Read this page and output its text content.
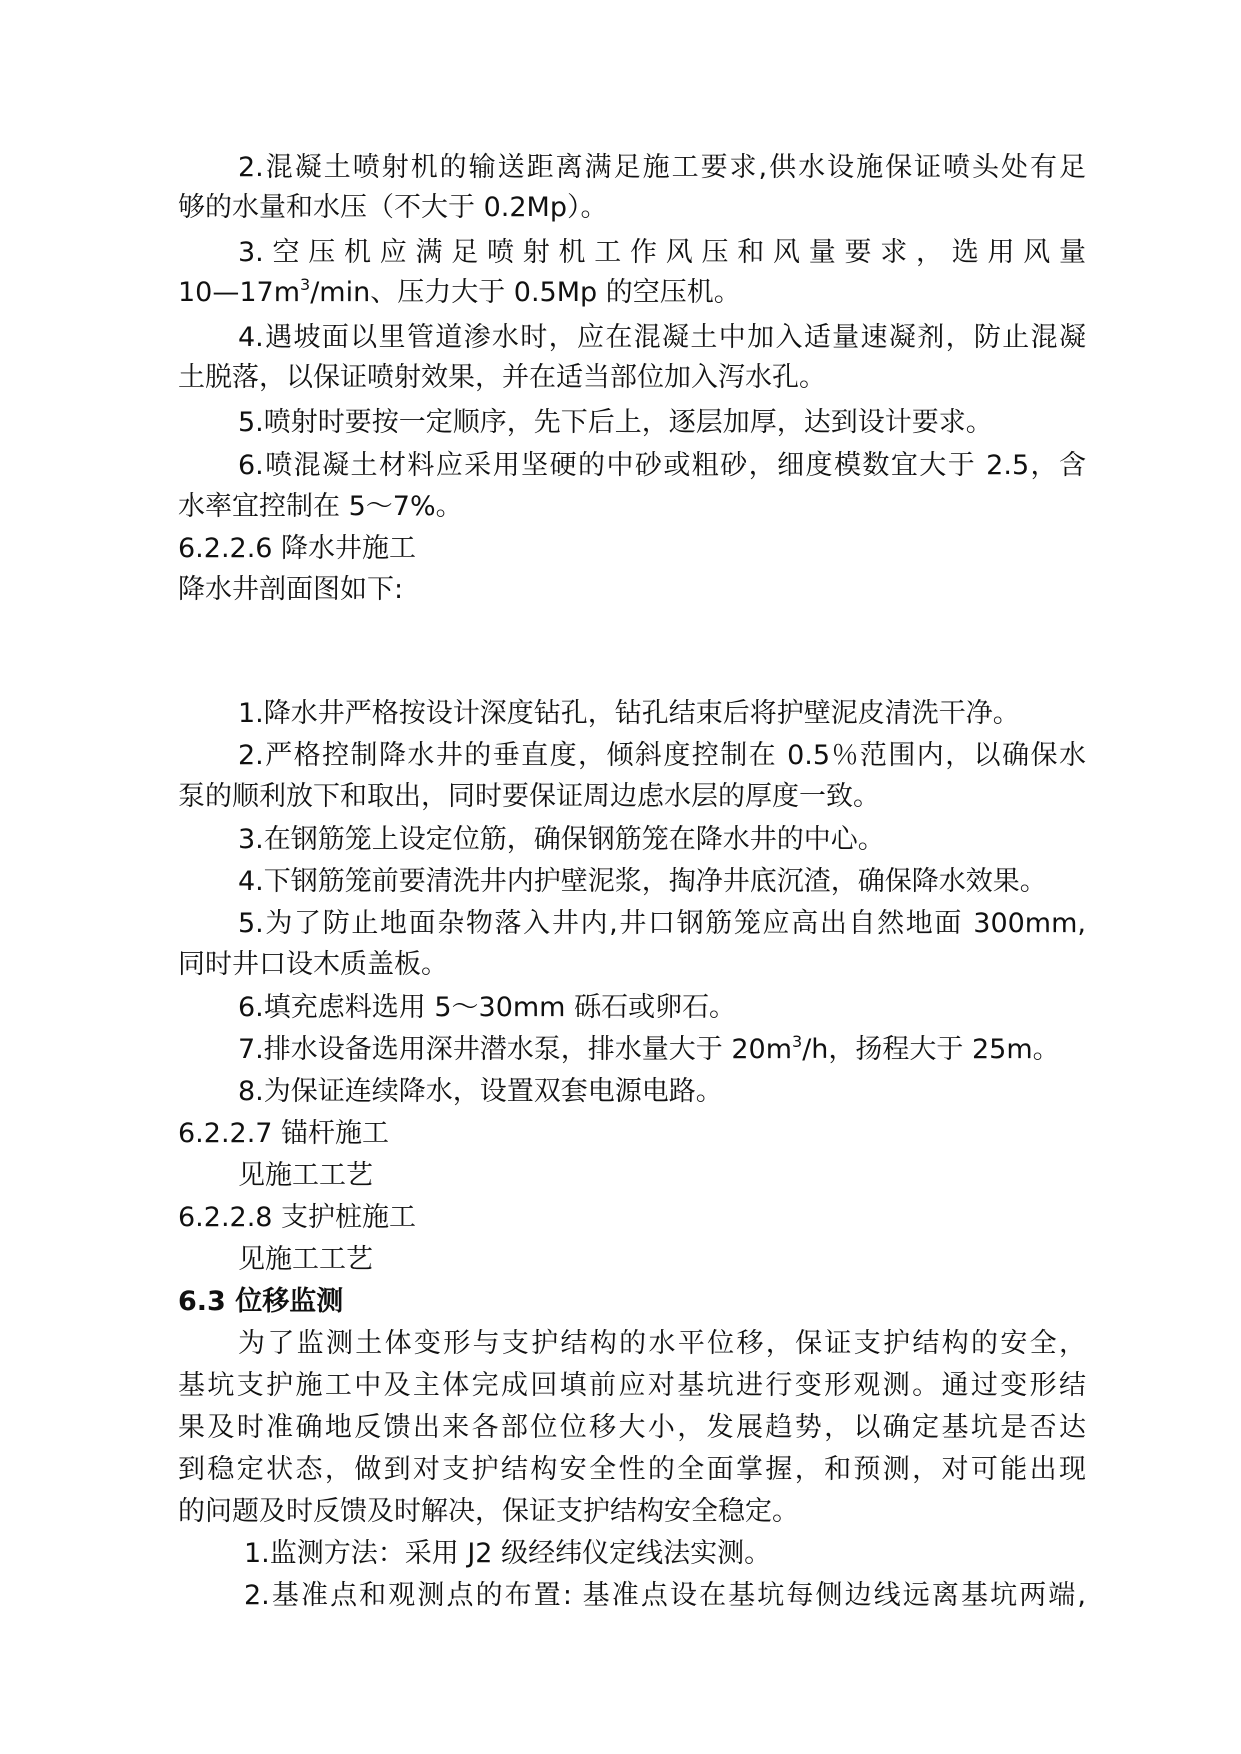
2.混凝土喷射机的输送距离满足施工要求,供水设施保证喷头处有足
够的水量和水压（不大于 0.2Mp）。
3.空压机应满足喷射机工作风压和风量要求，选用风量
$10—17m^3/\min$、压力大于 0.5Mp 的空压机。
4.遇坡面以里管道渗水时，应在混凝土中加入适量速凝剂，防止混凝
土脱落，以保证喷射效果，并在适当部位加入泻水孔。
5.喷射时要按一定顺序，先下后上，逐层加厚，达到设计要求。
6.喷混凝土材料应采用坚硬的中砂或粗砂，细度模数宜大于 2.5，含
水率宜控制在 5～7%。
6.2.2.6 降水井施工
降水井剖面图如下:
1.降水井严格按设计深度钻孔，钻孔结束后将护壁泥皮清洗干净。
2.严格控制降水井的垂直度，倾斜度控制在 0.5％范围内，以确保水
泵的顺利放下和取出，同时要保证周边虑水层的厚度一致。
3.在钢筋笼上设定位筋，确保钢筋笼在降水井的中心。
4.下钢筋笼前要清洗井内护壁泥浆，掏净井底沉渣，确保降水效果。
5.为了防止地面杂物落入井内,井口钢筋笼应高出自然地面 300mm,
同时井口设木质盖板。
6.填充虑料选用 5～30mm 砾石或卵石。
7.排水设备选用深井潜水泵，排水量大于 $20m^3/h$，扬程大于 25m。
8.为保证连续降水，设置双套电源电路。
6.2.2.7 锚杆施工
见施工工艺
6.2.2.8 支护桩施工
见施工工艺
6.3 位移监测
为了监测土体变形与支护结构的水平位移，保证支护结构的安全，
基坑支护施工中及主体完成回填前应对基坑进行变形观测。通过变形结
果及时准确地反馈出来各部位位移大小，发展趋势，以确定基坑是否达
到稳定状态，做到对支护结构安全性的全面掌握，和预测，对可能出现
的问题及时反馈及时解决，保证支护结构安全稳定。
1.监测方法：采用 J2 级经纬仪定线法实测。
2.基准点和观测点的布置: 基准点设在基坑每侧边线远离基坑两端,
